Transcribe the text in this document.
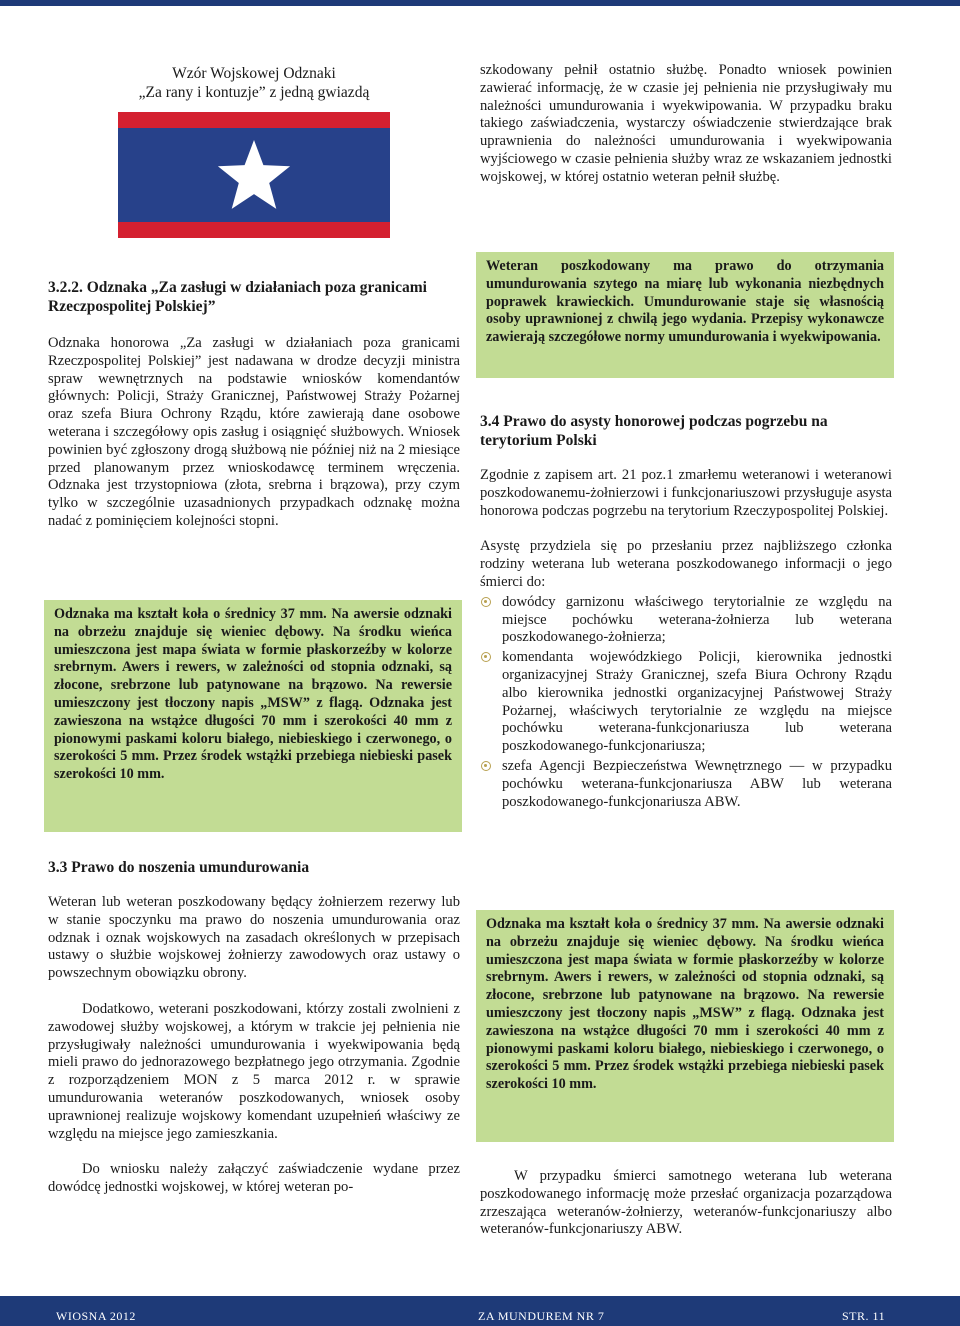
Wzór Wojskowej Odznaki
„Za rany i kontuzje” z jedną gwiazdą

szkodowany pełnił ostatnio służbę. Ponadto wniosek powinien zawierać informację, że w czasie jej pełnienia nie przysługiwały mu należności umundurowania i wyekwipowania. W przypadku braku takiego zaświadczenia, wystarczy oświadczenie stwierdzające brak uprawnienia do należności umundurowania i wyekwipowania wyjściowego w czasie pełnienia służby wraz ze wskazaniem jednostki wojskowej, w której ostatnio weteran pełnił służbę.

3.2.2. Odznaka „Za zasługi w działaniach poza granicami Rzeczpospolitej Polskiej”

Odznaka honorowa „Za zasługi w działaniach poza granicami Rzeczpospolitej Polskiej” jest nadawana w drodze decyzji ministra spraw wewnętrznych na podstawie wniosków komendantów głównych: Policji, Straży Granicznej, Państwowej Straży Pożarnej oraz szefa Biura Ochrony Rządu, które zawierają dane osobowe weterana i szczegółowy opis zasług i osiągnięć służbowych. Wniosek powinien być zgłoszony drogą służbową nie później niż na 2 miesiące przed planowanym przez wnioskodawcę terminem wręczenia. Odznaka jest trzystopniowa (złota, srebrna i brązowa), przy czym tylko w szczególnie uzasadnionych przypadkach odznakę można nadać z pominięciem kolejności stopni.

Odznaka ma kształt koła o średnicy 37 mm. Na awersie odznaki na obrzeżu znajduje się wieniec dębowy. Na środku wieńca umieszczona jest mapa świata w formie płaskorzeźby w kolorze srebrnym. Awers i rewers, w zależności od stopnia odznaki, są złocone, srebrzone lub patynowane na brązowo. Na rewersie umieszczony jest tłoczony napis „MSW” z flagą. Odznaka jest zawieszona na wstążce długości 70 mm i szerokości 40 mm z pionowymi paskami koloru białego, niebieskiego i czerwonego, o szerokości 5 mm. Przez środek wstążki przebiega niebieski pasek szerokości 10 mm.

3.3 Prawo do noszenia umundurowania

Weteran lub weteran poszkodowany będący żołnierzem rezerwy lub w stanie spoczynku ma prawo do noszenia umundurowania oraz odznak i oznak wojskowych na zasadach określonych w przepisach ustawy o służbie wojskowej żołnierzy zawodowych oraz ustawy o powszechnym obowiązku obrony.

Dodatkowo, weterani poszkodowani, którzy zostali zwolnieni z zawodowej służby wojskowej, a którym w trakcie jej pełnienia nie przysługiwały należności umundurowania i wyekwipowania będą mieli prawo do jednorazowego bezpłatnego jego otrzymania. Zgodnie z rozporządzeniem MON z 5 marca 2012 r. w sprawie umundurowania weteranów poszkodowanych, wniosek osoby uprawnionej realizuje wojskowy komendant uzupełnień właściwy ze względu na miejsce jego zamieszkania.

Do wniosku należy załączyć zaświadczenie wydane przez dowódcę jednostki wojskowej, w której weteran po-

Weteran poszkodowany ma prawo do otrzymania umundurowania szytego na miarę lub wykonania niezbędnych poprawek krawieckich. Umundurowanie staje się własnością osoby uprawnionej z chwilą jego wydania. Przepisy wykonawcze zawierają szczegółowe normy umundurowania i wyekwipowania.

3.4 Prawo do asysty honorowej podczas pogrzebu na terytorium Polski

Zgodnie z zapisem art. 21 poz.1 zmarłemu weteranowi i weteranowi poszkodowanemu-żołnierzowi i funkcjonariuszowi przysługuje asysta honorowa podczas pogrzebu na terytorium Rzeczypospolitej Polskiej.

Asystę przydziela się po przesłaniu przez najbliższego członka rodziny weterana lub weterana poszkodowanego informacji o jego śmierci do:

dowódcy garnizonu właściwego terytorialnie ze względu na miejsce pochówku weterana-żołnierza lub weterana poszkodowanego-żołnierza;
komendanta wojewódzkiego Policji, kierownika jednostki organizacyjnej Straży Granicznej, szefa Biura Ochrony Rządu albo kierownika jednostki organizacyjnej Państwowej Straży Pożarnej, właściwych terytorialnie ze względu na miejsce pochówku weterana-funkcjonariusza lub weterana poszkodowanego-funkcjonariusza;
szefa Agencji Bezpieczeństwa Wewnętrznego — w przypadku pochówku weterana-funkcjonariusza ABW lub weterana poszkodowanego-funkcjonariusza ABW.

Odznaka ma kształt koła o średnicy 37 mm. Na awersie odznaki na obrzeżu znajduje się wieniec dębowy. Na środku wieńca umieszczona jest mapa świata w formie płaskorzeźby w kolorze srebrnym. Awers i rewers, w zależności od stopnia odznaki, są złocone, srebrzone lub patynowane na brązowo. Na rewersie umieszczony jest tłoczony napis „MSW” z flagą. Odznaka jest zawieszona na wstążce długości 70 mm i szerokości 40 mm z pionowymi paskami koloru białego, niebieskiego i czerwonego, o szerokości 5 mm. Przez środek wstążki przebiega niebieski pasek szerokości 10 mm.

W przypadku śmierci samotnego weterana lub weterana poszkodowanego informację może przesłać organizacja pozarządowa zrzeszająca weteranów-żołnierzy, weteranów-funkcjonariuszy albo weteranów-funkcjonariuszy ABW.

WIOSNA 2012	ZA MUNDUREM NR 7	STR. 11
